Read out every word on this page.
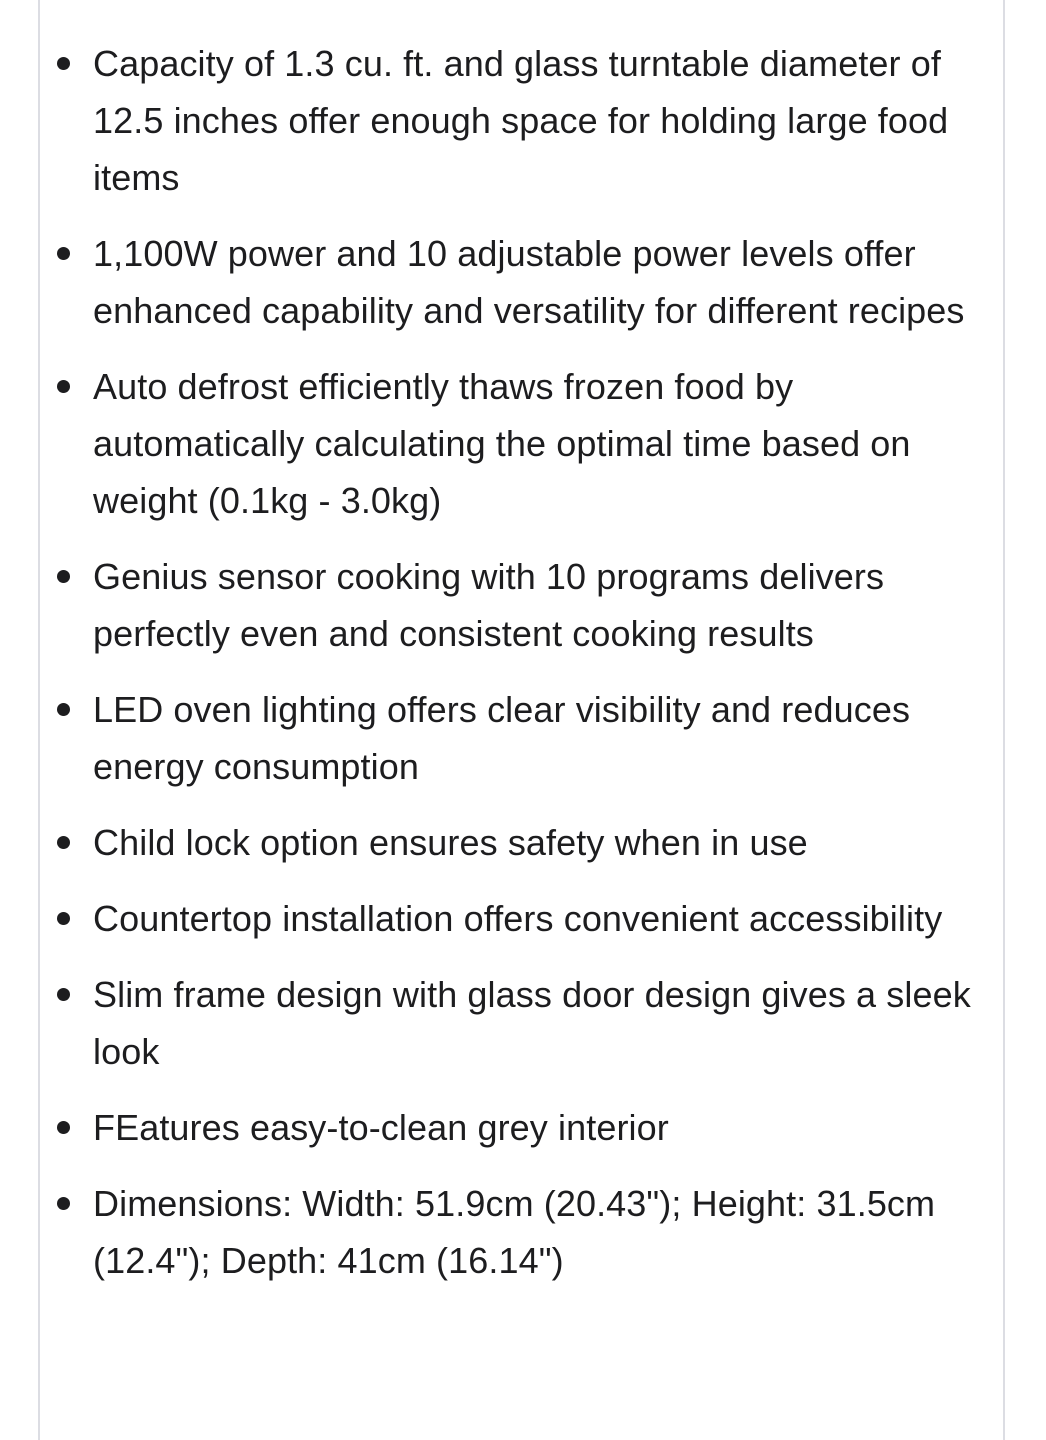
Capacity of 1.3 cu. ft. and glass turntable diameter of 12.5 inches offer enough space for holding large food items
1,100W power and 10 adjustable power levels offer enhanced capability and versatility for different recipes
Auto defrost efficiently thaws frozen food by automatically calculating the optimal time based on weight (0.1kg - 3.0kg)
Genius sensor cooking with 10 programs delivers perfectly even and consistent cooking results
LED oven lighting offers clear visibility and reduces energy consumption
Child lock option ensures safety when in use
Countertop installation offers convenient accessibility
Slim frame design with glass door design gives a sleek look
FEatures easy-to-clean grey interior
Dimensions: Width: 51.9cm (20.43"); Height: 31.5cm (12.4"); Depth: 41cm (16.14")
